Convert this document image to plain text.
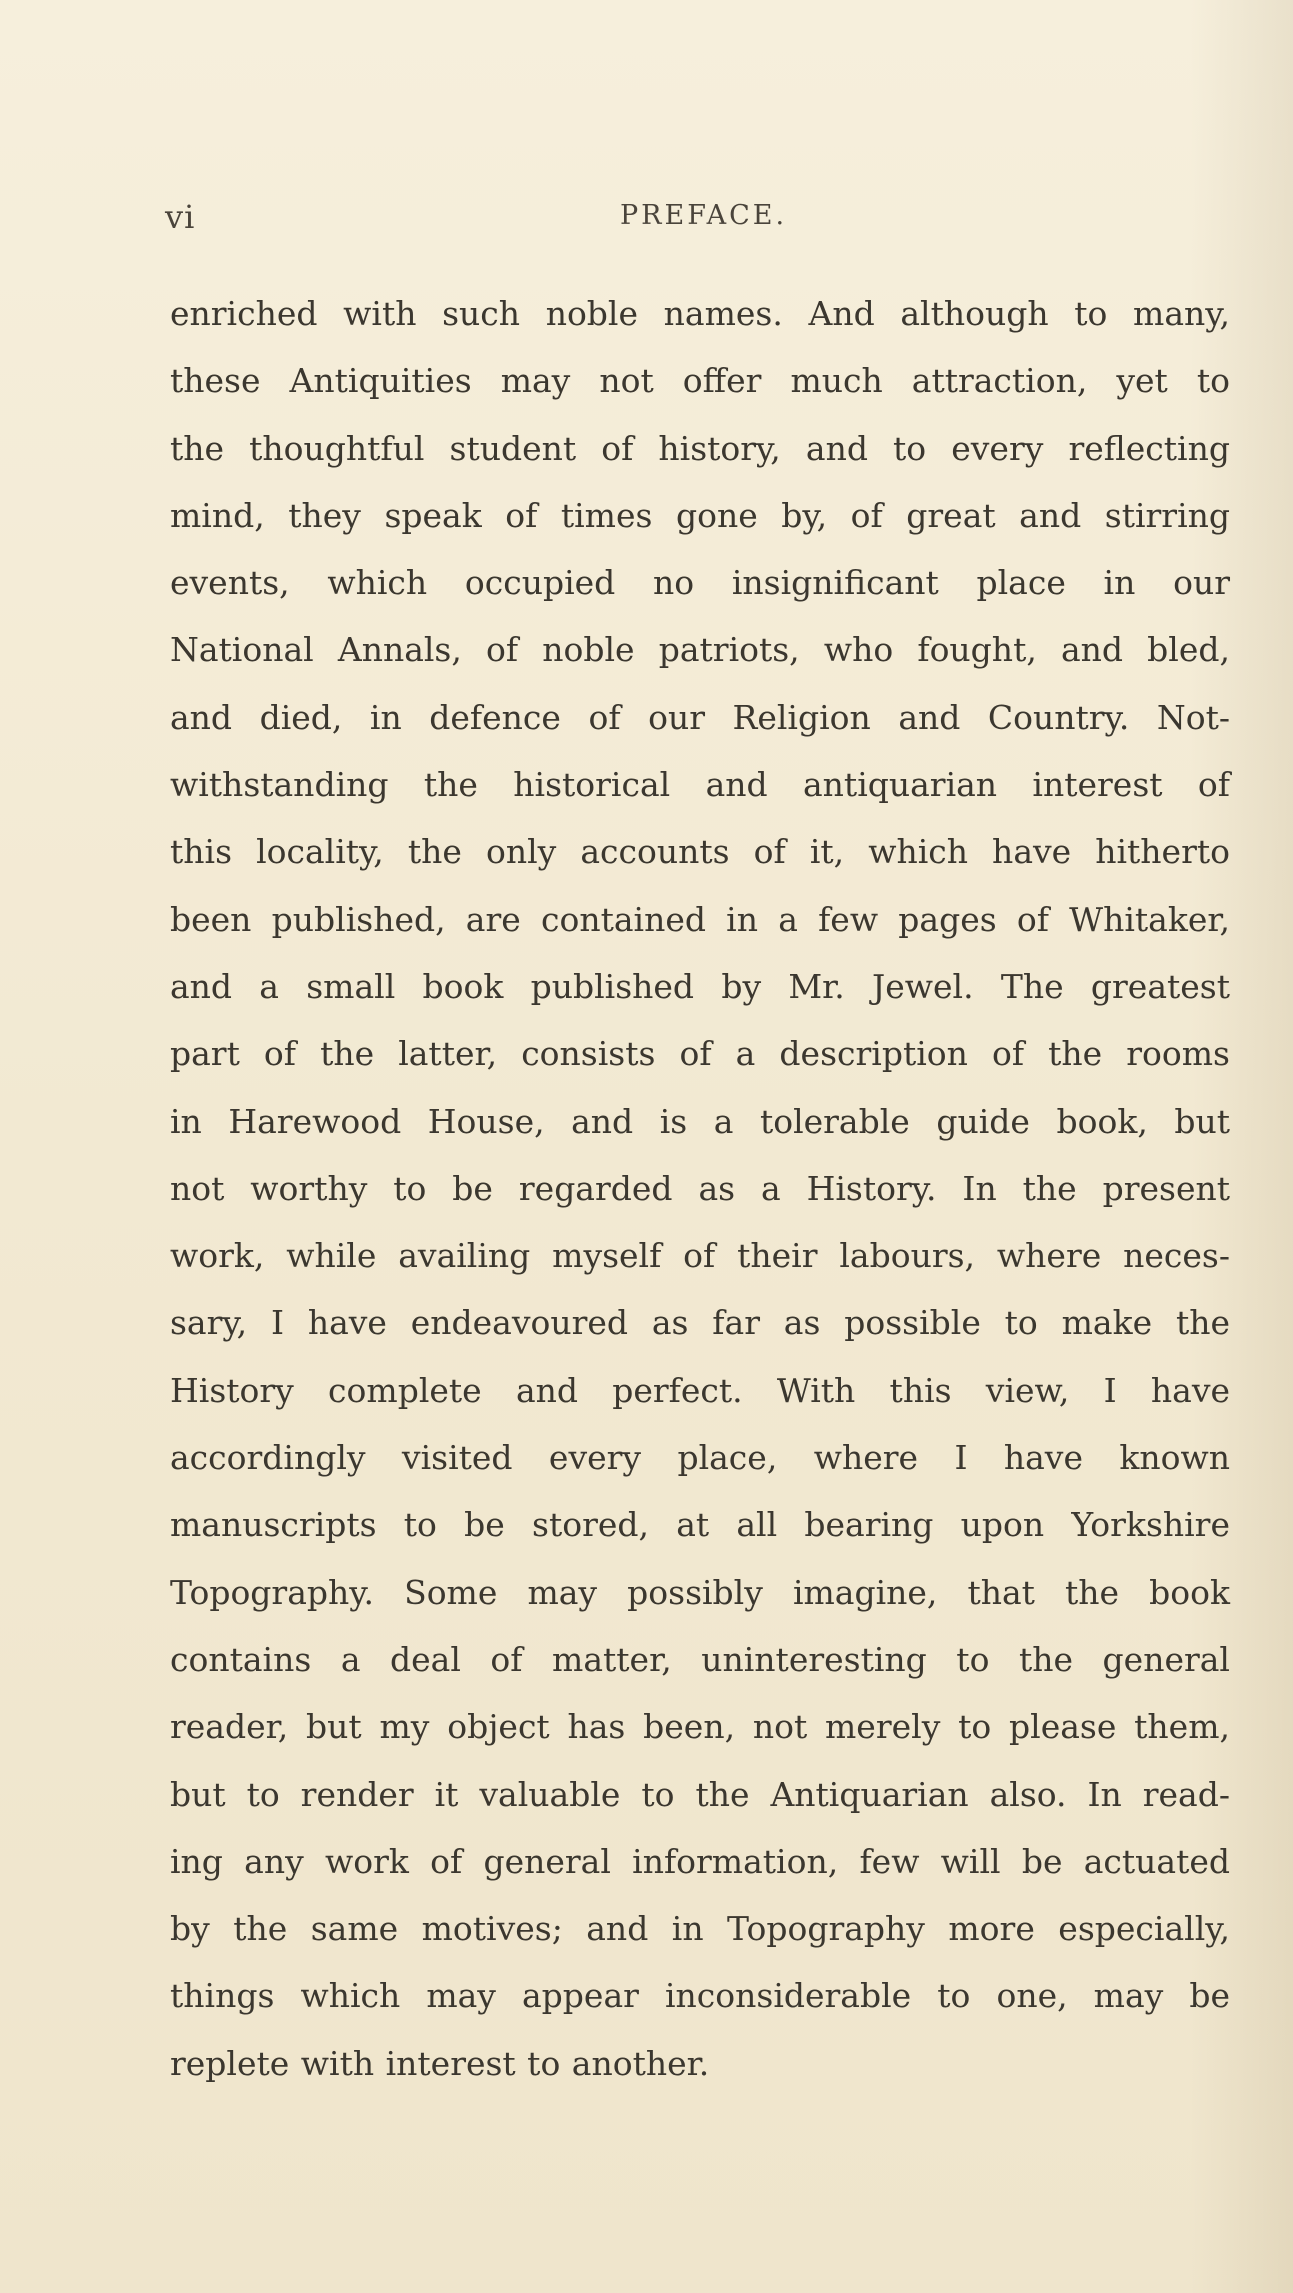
vi	PREFACE.
enriched with such noble names. And although to many,
these Antiquities may not offer much attraction, yet to
the thoughtful student of history, and to every reflecting
mind, they speak of times gone by, of great and stirring
events, which occupied no insignificant place in our
National Annals, of noble patriots, who fought, and bled,
and died, in defence of our Religion and Country. Not-
withstanding the historical and antiquarian interest of
this locality, the only accounts of it, which have hitherto
been published, are contained in a few pages of Whitaker,
and a small book published by Mr. Jewel. The greatest
part of the latter, consists of a description of the rooms
in Harewood House, and is a tolerable guide book, but
not worthy to be regarded as a History. In the present
work, while availing myself of their labours, where neces-
sary, I have endeavoured as far as possible to make the
History complete and perfect. With this view, I have
accordingly visited every place, where I have known
manuscripts to be stored, at all bearing upon Yorkshire
Topography. Some may possibly imagine, that the book
contains a deal of matter, uninteresting to the general
reader, but my object has been, not merely to please them,
but to render it valuable to the Antiquarian also. In read-
ing any work of general information, few will be actuated
by the same motives; and in Topography more especially,
things which may appear inconsiderable to one, may be
replete with interest to another.
